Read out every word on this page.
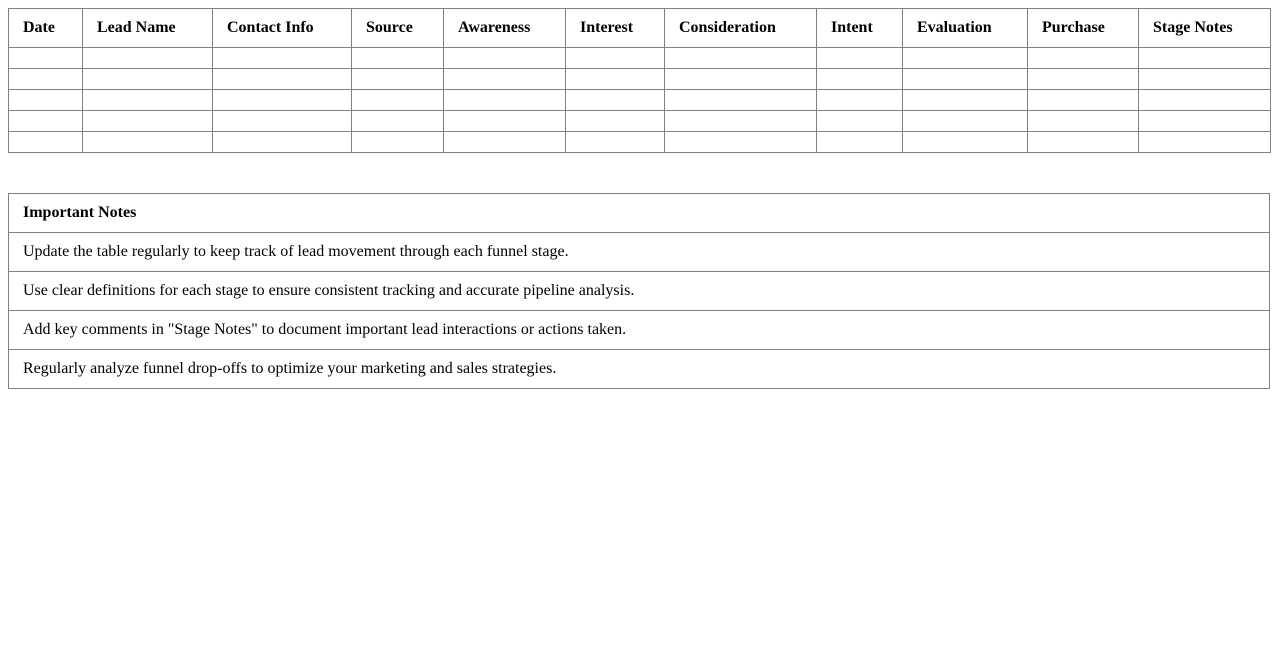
Date	Lead Name	Contact Info	Source	Awareness	Interest	Consideration	Intent	Evaluation	Purchase	Stage Notes

Important Notes
Update the table regularly to keep track of lead movement through each funnel stage.
Use clear definitions for each stage to ensure consistent tracking and accurate pipeline analysis.
Add key comments in "Stage Notes" to document important lead interactions or actions taken.
Regularly analyze funnel drop-offs to optimize your marketing and sales strategies.
